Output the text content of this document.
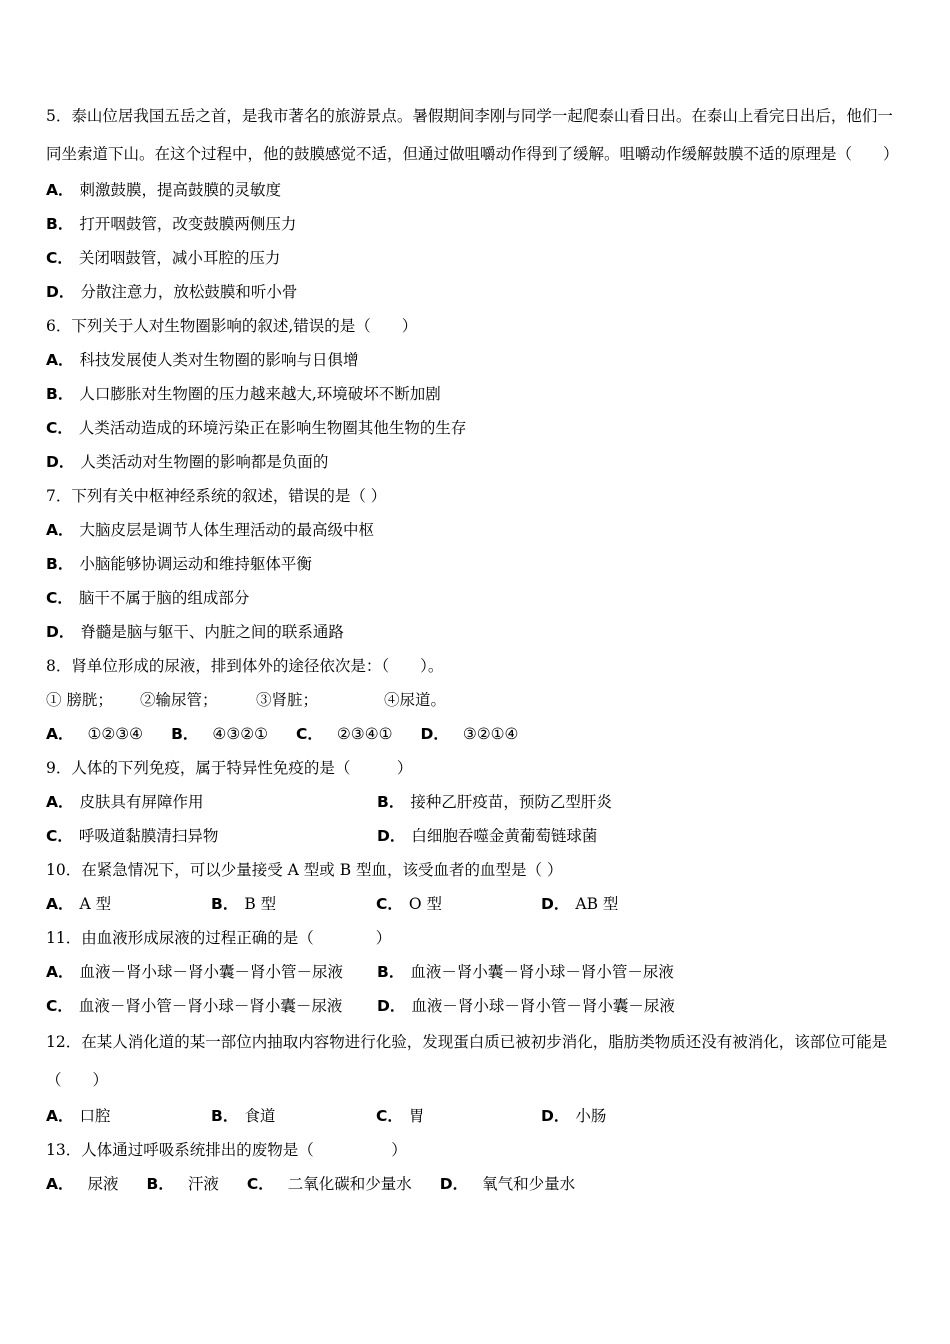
5．泰山位居我国五岳之首，是我市著名的旅游景点。暑假期间李刚与同学一起爬泰山看日出。在泰山上看完日出后，他们一同坐索道下山。在这个过程中，他的鼓膜感觉不适，但通过做咀嚼动作得到了缓解。咀嚼动作缓解鼓膜不适的原理是（　　）
A． 刺激鼓膜，提高鼓膜的灵敏度
B． 打开咽鼓管，改变鼓膜两侧压力
C． 关闭咽鼓管，减小耳腔的压力
D． 分散注意力，放松鼓膜和听小骨
6．下列关于人对生物圈影响的叙述,错误的是（　　）
A． 科技发展使人类对生物圈的影响与日俱增
B． 人口膨胀对生物圈的压力越来越大,环境破坏不断加剧
C． 人类活动造成的环境污染正在影响生物圈其他生物的生存
D． 人类活动对生物圈的影响都是负面的
7．下列有关中枢神经系统的叙述，错误的是（ ）
A． 大脑皮层是调节人体生理活动的最高级中枢
B． 小脑能够协调运动和维持躯体平衡
C． 脑干不属于脑的组成部分
D． 脊髓是脑与躯干、内脏之间的联系通路
8．肾单位形成的尿液，排到体外的途径依次是：（　　）。
① 膀胱； ②输尿管； ③肾脏；	④尿道。
A． ①②③④ B． ④③②① C． ②③④① D． ③②①④
9．人体的下列免疫，属于特异性免疫的是（　　　）
A． 皮肤具有屏障作用	B． 接种乙肝疫苗，预防乙型肝炎
C． 呼吸道黏膜清扫异物	D． 白细胞吞噬金黄葡萄链球菌
10．在紧急情况下，可以少量接受 A 型或 B 型血，该受血者的血型是（ ）
A． A 型	B． B 型	C． O 型	D． AB 型
11．由血液形成尿液的过程正确的是（　　　　）
A． 血液－肾小球－肾小囊－肾小管－尿液	B． 血液－肾小囊－肾小球－肾小管－尿液
C． 血液－肾小管－肾小球－肾小囊－尿液	D． 血液－肾小球－肾小管－肾小囊－尿液
12．在某人消化道的某一部位内抽取内容物进行化验，发现蛋白质已被初步消化，脂肪类物质还没有被消化，该部位可能是（　　）
A． 口腔	B． 食道	C． 胃	D． 小肠
13．人体通过呼吸系统排出的废物是（　　　　　）
A． 尿液 B． 汗液 C． 二氧化碳和少量水 D． 氧气和少量水
